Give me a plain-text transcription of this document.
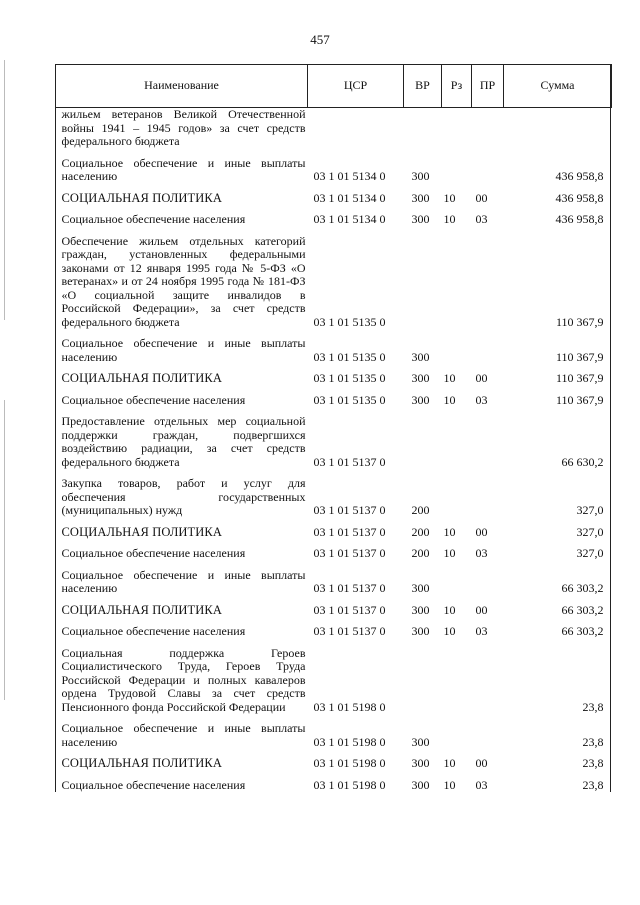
457
Наименование	ЦСР	ВР	Рз	ПР	Сумма

жильем ветеранов Великой Отечественной войны 1941 – 1945 годов» за счет средств федерального бюджета					

Социальное обеспечение и иные выплаты населению	03 1 01 5134 0	300			436 958,8

СОЦИАЛЬНАЯ ПОЛИТИКА	03 1 01 5134 0	300	10	00	436 958,8

Социальное обеспечение населения	03 1 01 5134 0	300	10	03	436 958,8

Обеспечение жильем отдельных категорий граждан, установленных федеральными законами от 12 января 1995 года № 5-ФЗ «О ветеранах» и от 24 ноября 1995 года № 181-ФЗ «О социальной защите инвалидов в Российской Федерации», за счет средств федерального бюджета	03 1 01 5135 0				110 367,9

Социальное обеспечение и иные выплаты населению	03 1 01 5135 0	300			110 367,9

СОЦИАЛЬНАЯ ПОЛИТИКА	03 1 01 5135 0	300	10	00	110 367,9

Социальное обеспечение населения	03 1 01 5135 0	300	10	03	110 367,9

Предоставление отдельных мер социальной поддержки граждан, подвергшихся воздействию радиации, за счет средств федерального бюджета	03 1 01 5137 0				66 630,2

Закупка товаров, работ и услуг для обеспечения государственных (муниципальных) нужд	03 1 01 5137 0	200			327,0

СОЦИАЛЬНАЯ ПОЛИТИКА	03 1 01 5137 0	200	10	00	327,0

Социальное обеспечение населения	03 1 01 5137 0	200	10	03	327,0

Социальное обеспечение и иные выплаты населению	03 1 01 5137 0	300			66 303,2

СОЦИАЛЬНАЯ ПОЛИТИКА	03 1 01 5137 0	300	10	00	66 303,2

Социальное обеспечение населения	03 1 01 5137 0	300	10	03	66 303,2

Социальная поддержка Героев Социалистического Труда, Героев Труда Российской Федерации и полных кавалеров ордена Трудовой Славы за счет средств Пенсионного фонда Российской Федерации	03 1 01 5198 0				23,8

Социальное обеспечение и иные выплаты населению	03 1 01 5198 0	300			23,8

СОЦИАЛЬНАЯ ПОЛИТИКА	03 1 01 5198 0	300	10	00	23,8

Социальное обеспечение населения	03 1 01 5198 0	300	10	03	23,8
